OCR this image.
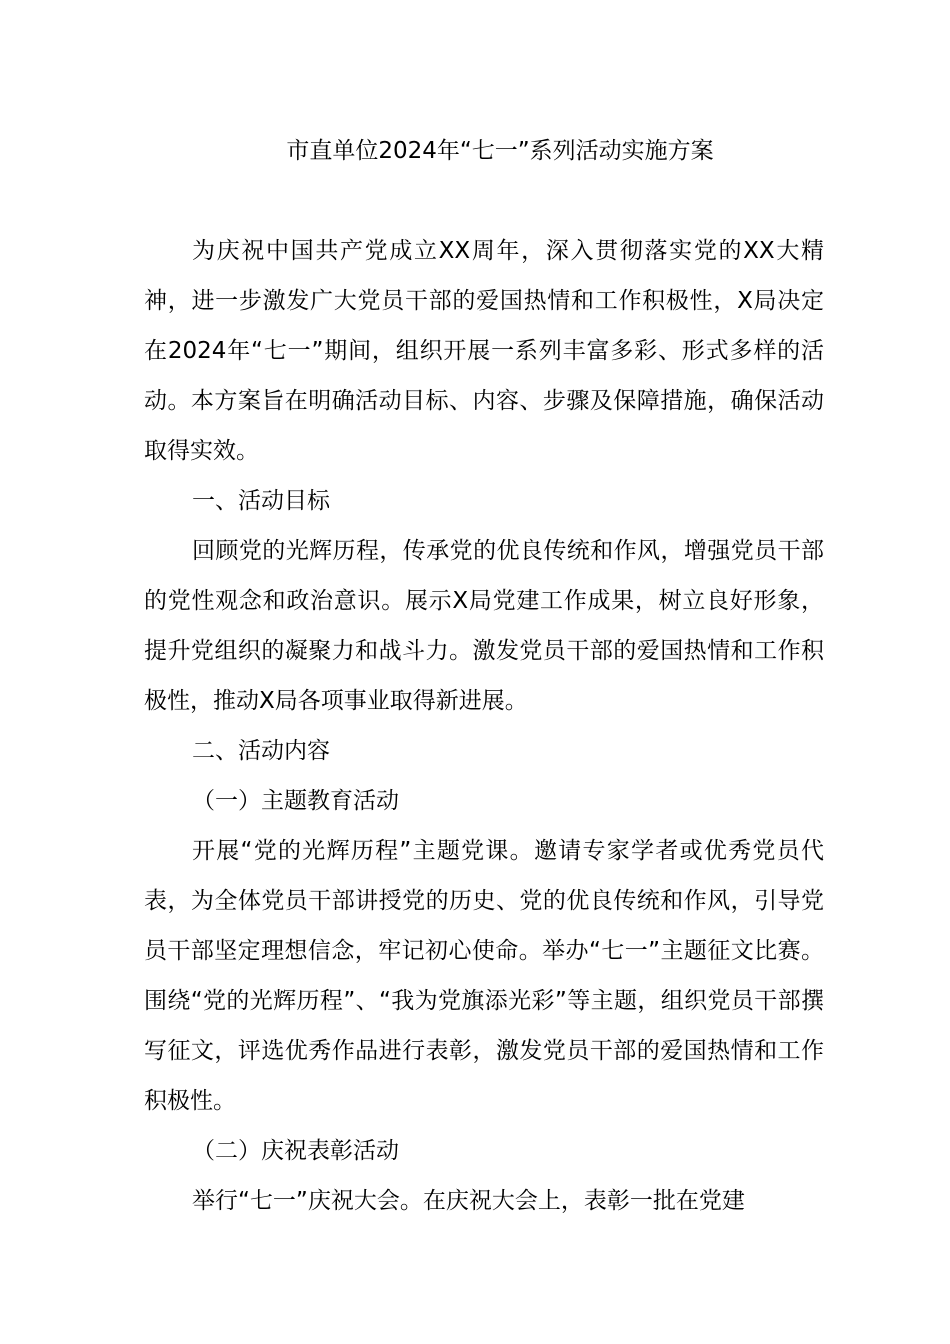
市直单位2024年“七一”系列活动实施方案

为庆祝中国共产党成立XX周年，深入贯彻落实党的XX大精神，进一步激发广大党员干部的爱国热情和工作积极性，X局决定在2024年“七一”期间，组织开展一系列丰富多彩、形式多样的活动。本方案旨在明确活动目标、内容、步骤及保障措施，确保活动取得实效。

一、活动目标

回顾党的光辉历程，传承党的优良传统和作风，增强党员干部的党性观念和政治意识。展示X局党建工作成果，树立良好形象，提升党组织的凝聚力和战斗力。激发党员干部的爱国热情和工作积极性，推动X局各项事业取得新进展。

二、活动内容

（一）主题教育活动

开展“党的光辉历程”主题党课。邀请专家学者或优秀党员代表，为全体党员干部讲授党的历史、党的优良传统和作风，引导党员干部坚定理想信念，牢记初心使命。举办“七一”主题征文比赛。围绕“党的光辉历程”、“我为党旗添光彩”等主题，组织党员干部撰写征文，评选优秀作品进行表彰，激发党员干部的爱国热情和工作积极性。

（二）庆祝表彰活动

举行“七一”庆祝大会。在庆祝大会上，表彰一批在党建
